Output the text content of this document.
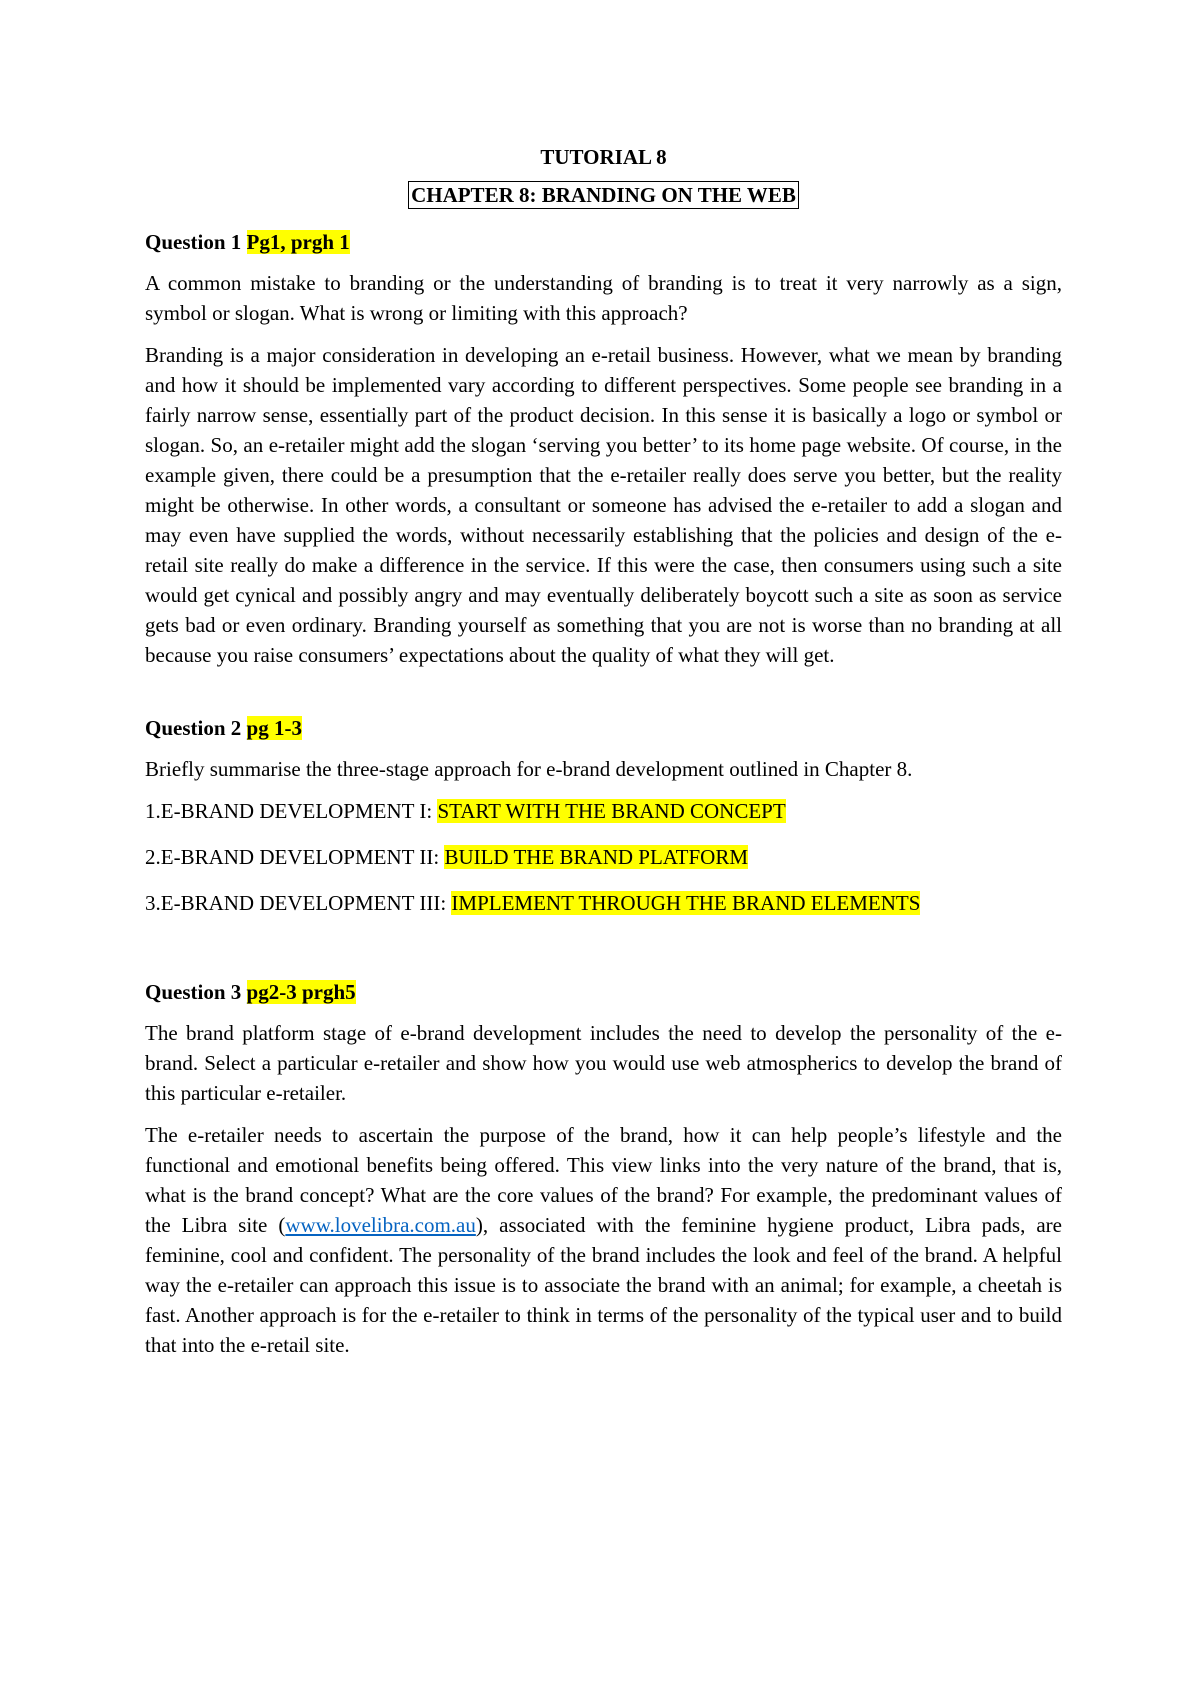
TUTORIAL 8
CHAPTER 8: BRANDING ON THE WEB
Question 1 Pg1, prgh 1

A common mistake to branding or the understanding of branding is to treat it very narrowly as a sign, symbol or slogan. What is wrong or limiting with this approach?

Branding is a major consideration in developing an e-retail business. However, what we mean by branding and how it should be implemented vary according to different perspectives. Some people see branding in a fairly narrow sense, essentially part of the product decision. In this sense it is basically a logo or symbol or slogan. So, an e-retailer might add the slogan ‘serving you better’ to its home page website. Of course, in the example given, there could be a presumption that the e-retailer really does serve you better, but the reality might be otherwise. In other words, a consultant or someone has advised the e-retailer to add a slogan and may even have supplied the words, without necessarily establishing that the policies and design of the e-retail site really do make a difference in the service. If this were the case, then consumers using such a site would get cynical and possibly angry and may eventually deliberately boycott such a site as soon as service gets bad or even ordinary. Branding yourself as something that you are not is worse than no branding at all because you raise consumers’ expectations about the quality of what they will get.

Question 2 pg 1-3

Briefly summarise the three-stage approach for e-brand development outlined in Chapter 8.

1.E-BRAND DEVELOPMENT I: START WITH THE BRAND CONCEPT
2.E-BRAND DEVELOPMENT II: BUILD THE BRAND PLATFORM
3.E-BRAND DEVELOPMENT III: IMPLEMENT THROUGH THE BRAND ELEMENTS
Question 3 pg2-3 prgh5

The brand platform stage of e-brand development includes the need to develop the personality of the e-brand. Select a particular e-retailer and show how you would use web atmospherics to develop the brand of this particular e-retailer.

The e-retailer needs to ascertain the purpose of the brand, how it can help people’s lifestyle and the functional and emotional benefits being offered. This view links into the very nature of the brand, that is, what is the brand concept? What are the core values of the brand? For example, the predominant values of the Libra site (www.lovelibra.com.au), associated with the feminine hygiene product, Libra pads, are feminine, cool and confident. The personality of the brand includes the look and feel of the brand. A helpful way the e-retailer can approach this issue is to associate the brand with an animal; for example, a cheetah is fast. Another approach is for the e-retailer to think in terms of the personality of the typical user and to build that into the e-retail site.
